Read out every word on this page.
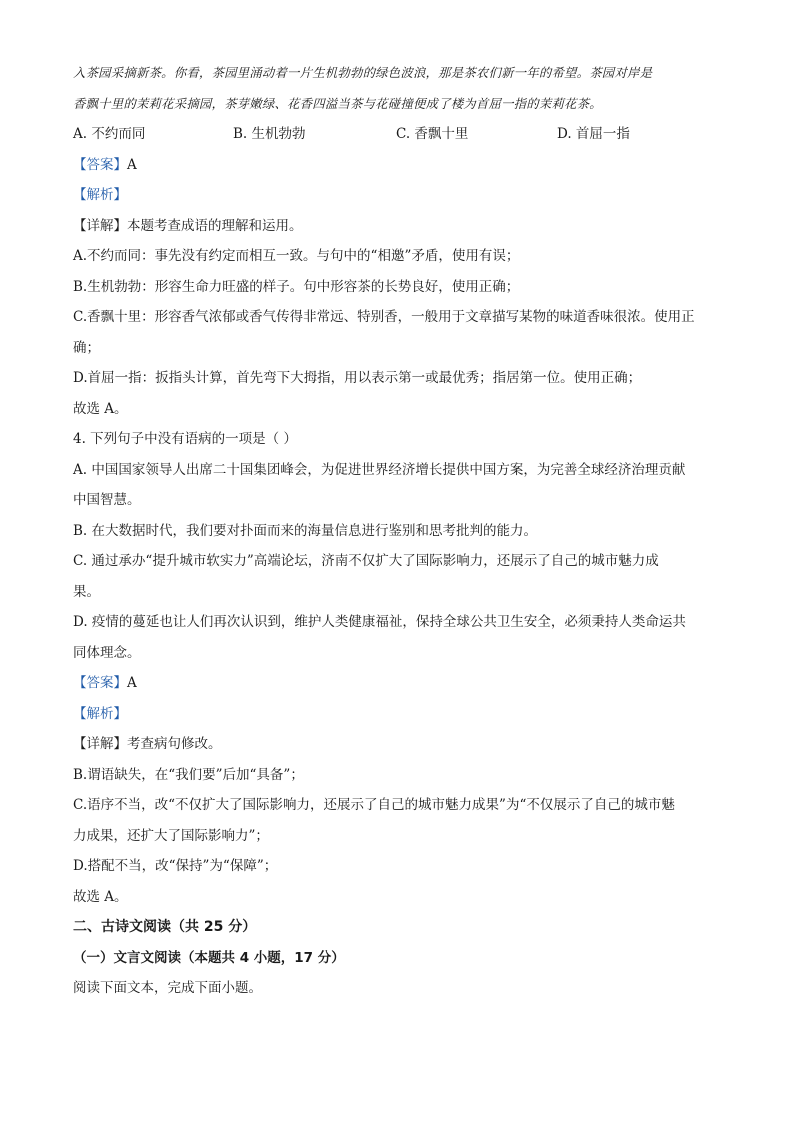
入茶园采摘新茶。你看，茶园里涌动着一片生机勃勃的绿色波浪，那是茶农们新一年的希望。茶园对岸是
香飘十里的茉莉花采摘园，茶芽嫩绿、花香四溢当茶与花碰撞便成了楼为首屈一指的茉莉花茶。
A. 不约而同	B. 生机勃勃	C. 香飘十里	D. 首屈一指
【答案】A
【解析】
【详解】本题考查成语的理解和运用。
A.不约而同：事先没有约定而相互一致。与句中的“相邀”矛盾，使用有误；
B.生机勃勃：形容生命力旺盛的样子。句中形容茶的长势良好，使用正确；
C.香飘十里：形容香气浓郁或香气传得非常远、特别香，一般用于文章描写某物的味道香味很浓。使用正
确；
D.首屈一指：扳指头计算，首先弯下大拇指，用以表示第一或最优秀；指居第一位。使用正确；
故选 A。
4. 下列句子中没有语病的一项是（ ）
A. 中国国家领导人出席二十国集团峰会，为促进世界经济增长提供中国方案，为完善全球经济治理贡献
中国智慧。
B. 在大数据时代，我们要对扑面而来的海量信息进行鉴别和思考批判的能力。
C. 通过承办“提升城市软实力”高端论坛，济南不仅扩大了国际影响力，还展示了自己的城市魅力成
果。
D. 疫情的蔓延也让人们再次认识到，维护人类健康福祉，保持全球公共卫生安全，必须秉持人类命运共
同体理念。
【答案】A
【解析】
【详解】考查病句修改。
B.谓语缺失，在“我们要”后加“具备”；
C.语序不当，改“不仅扩大了国际影响力，还展示了自己的城市魅力成果”为“不仅展示了自己的城市魅
力成果，还扩大了国际影响力”；
D.搭配不当，改“保持”为“保障”；
故选 A。
二、古诗文阅读（共 25 分）
（一）文言文阅读（本题共 4 小题，17 分）
阅读下面文本，完成下面小题。
